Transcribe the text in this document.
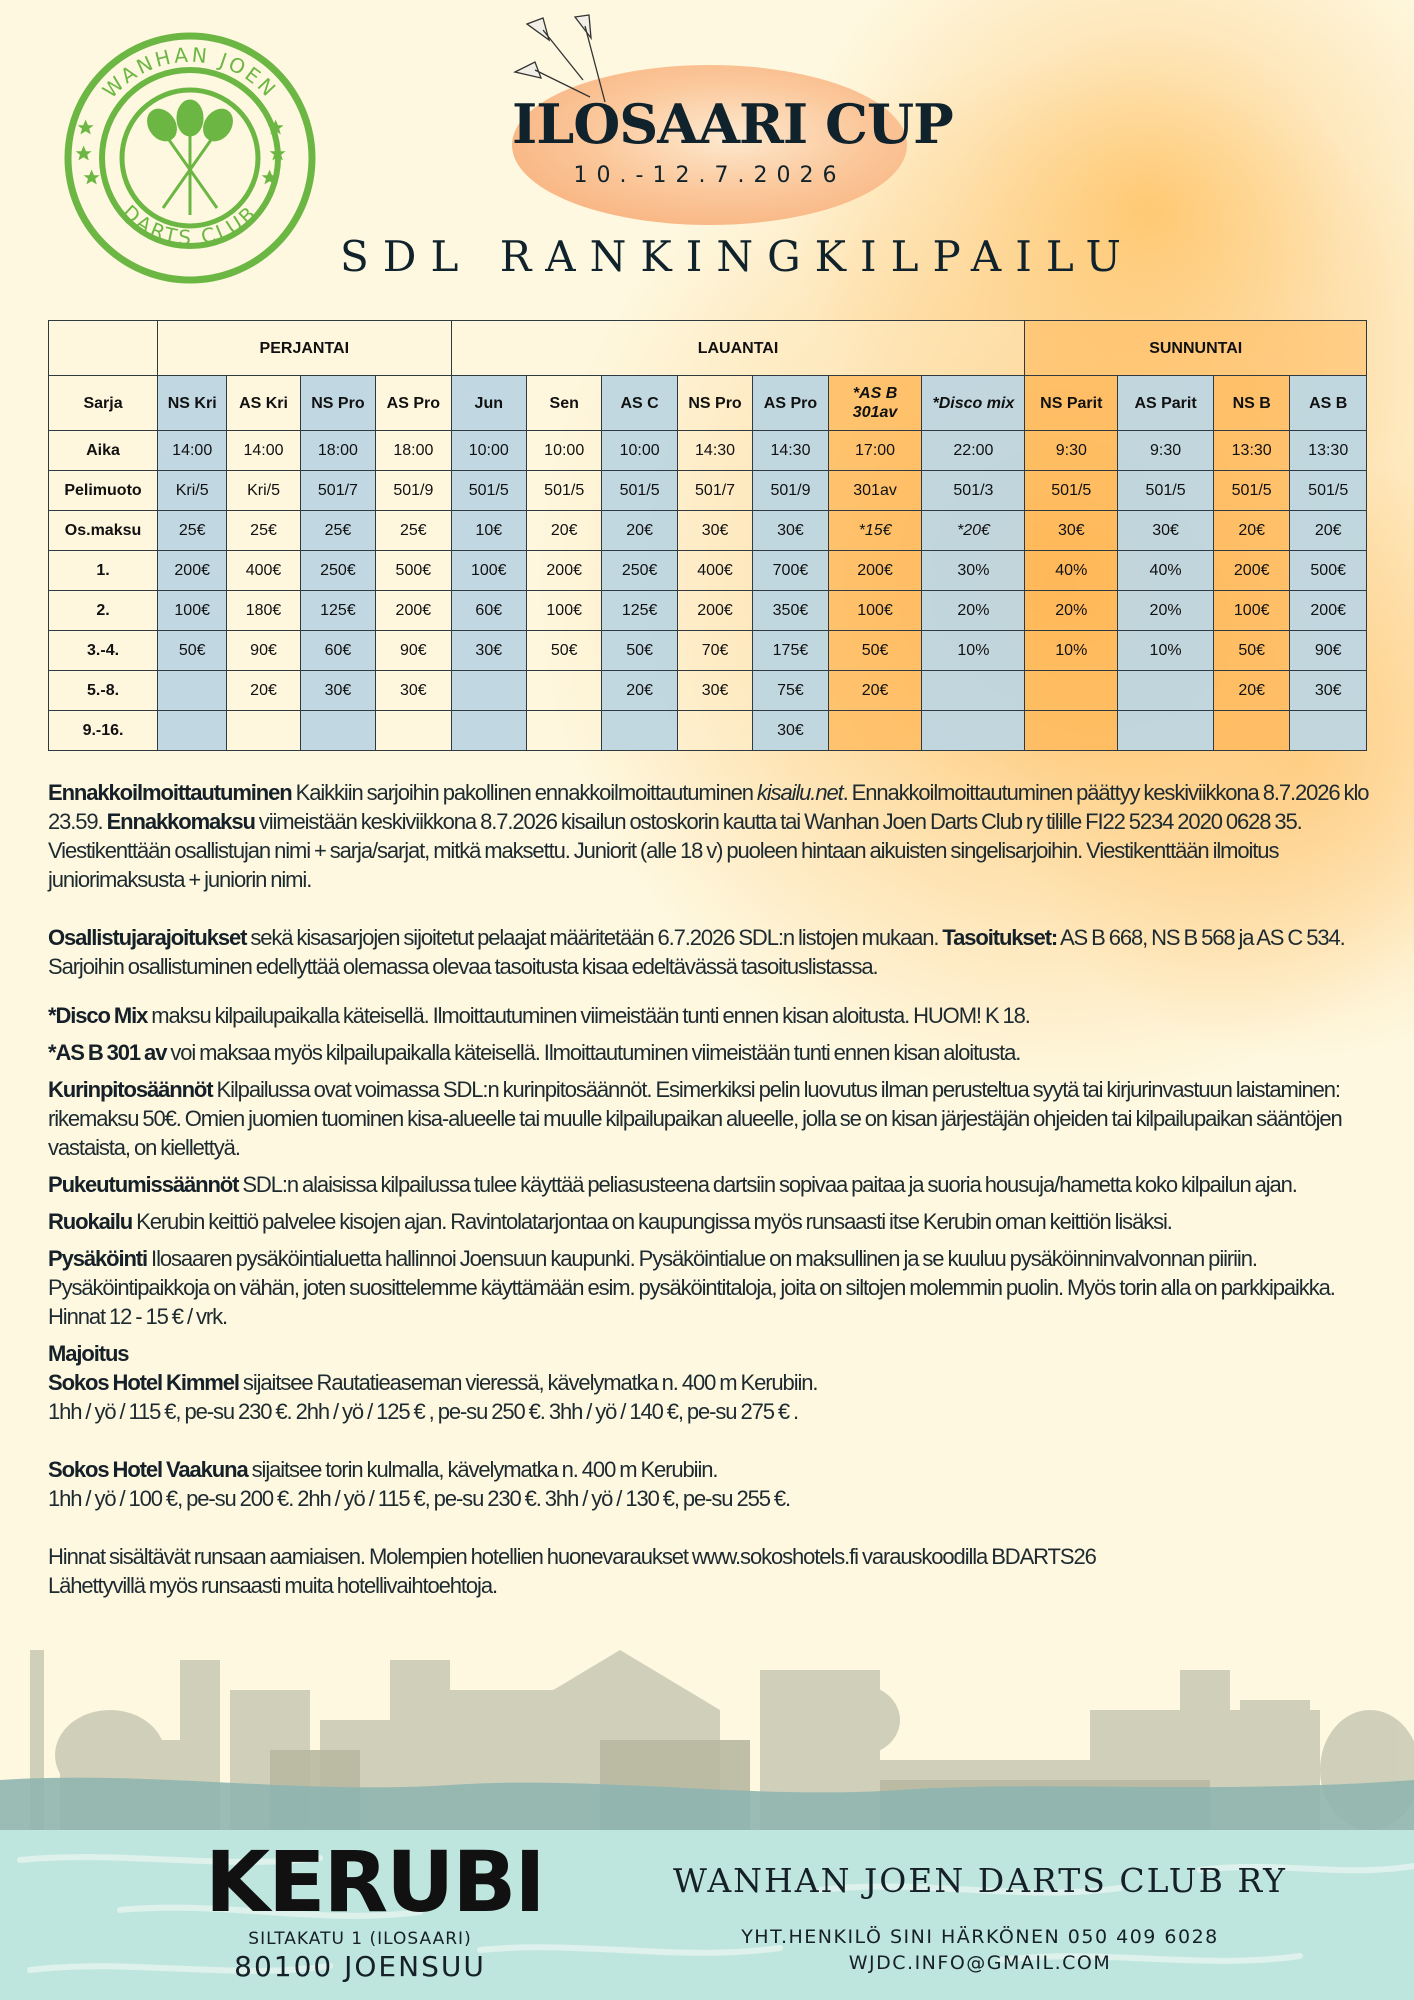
WANHAN JOEN
DARTS CLUB
ILOSAARI CUP
10.-12.7.2026
SDL RANKINGKILPAILU
	PERJANTAI				LAUANTAI							SUNNUNTAI			
Sarja	NS Kri	AS Kri	NS Pro	AS Pro	Jun	Sen	AS C	NS Pro	AS Pro	*AS B 301av	*Disco mix	NS Parit	AS Parit	NS B	AS B
Aika	14:00	14:00	18:00	18:00	10:00	10:00	10:00	14:30	14:30	17:00	22:00	9:30	9:30	13:30	13:30
Pelimuoto	Kri/5	Kri/5	501/7	501/9	501/5	501/5	501/5	501/7	501/9	301av	501/3	501/5	501/5	501/5	501/5
Os.maksu	25€	25€	25€	25€	10€	20€	20€	30€	30€	*15€	*20€	30€	30€	20€	20€
1.	200€	400€	250€	500€	100€	200€	250€	400€	700€	200€	30%	40%	40%	200€	500€
2.	100€	180€	125€	200€	60€	100€	125€	200€	350€	100€	20%	20%	20%	100€	200€
3.-4.	50€	90€	60€	90€	30€	50€	50€	70€	175€	50€	10%	10%	10%	50€	90€
5.-8.		20€	30€	30€			20€	30€	75€	20€				20€	30€
9.-16.									30€						

Ennakkoilmoittautuminen Kaikkiin sarjoihin pakollinen ennakkoilmoittautuminen kisailu.net. Ennakkoilmoittautuminen päättyy keskiviikkona 8.7.2026 klo 23.59. Ennakkomaksu viimeistään keskiviikkona 8.7.2026 kisailun ostoskorin kautta tai Wanhan Joen Darts Club ry tilille FI22 5234 2020 0628 35. Viestikenttään osallistujan nimi + sarja/sarjat, mitkä maksettu. Juniorit (alle 18 v) puoleen hintaan aikuisten singelisarjoihin. Viestikenttään ilmoitus juniorimaksusta + juniorin nimi.

Osallistujarajoitukset sekä kisasarjojen sijoitetut pelaajat määritetään 6.7.2026 SDL:n listojen mukaan. Tasoitukset: AS B 668, NS B 568 ja AS C 534. Sarjoihin osallistuminen edellyttää olemassa olevaa tasoitusta kisaa edeltävässä tasoituslistassa.

*Disco Mix maksu kilpailupaikalla käteisellä. Ilmoittautuminen viimeistään tunti ennen kisan aloitusta. HUOM! K 18.

*AS B 301 av voi maksaa myös kilpailupaikalla käteisellä. Ilmoittautuminen viimeistään tunti ennen kisan aloitusta.

Kurinpitosäännöt Kilpailussa ovat voimassa SDL:n kurinpitosäännöt. Esimerkiksi pelin luovutus ilman perusteltua syytä tai kirjurinvastuun laistaminen: rikemaksu 50€. Omien juomien tuominen kisa-alueelle tai muulle kilpailupaikan alueelle, jolla se on kisan järjestäjän ohjeiden tai kilpailupaikan sääntöjen vastaista, on kiellettyä.

Pukeutumissäännöt SDL:n alaisissa kilpailussa tulee käyttää peliasusteena dartsiin sopivaa paitaa ja suoria housuja/hametta koko kilpailun ajan.

Ruokailu Kerubin keittiö palvelee kisojen ajan. Ravintolatarjontaa on kaupungissa myös runsaasti itse Kerubin oman keittiön lisäksi.

Pysäköinti Ilosaaren pysäköintialuetta hallinnoi Joensuun kaupunki. Pysäköintialue on maksullinen ja se kuuluu pysäköinninvalvonnan piiriin. Pysäköintipaikkoja on vähän, joten suosittelemme käyttämään esim. pysäköintitaloja, joita on siltojen molemmin puolin. Myös torin alla on parkkipaikka. Hinnat 12 - 15 € / vrk.

Majoitus

Sokos Hotel Kimmel sijaitsee Rautatieaseman vieressä, kävelymatka n. 400 m Kerubiin.
1hh / yö / 115 €, pe-su 230 €. 2hh / yö / 125 € , pe-su 250 €. 3hh / yö / 140 €, pe-su 275 € .

Sokos Hotel Vaakuna sijaitsee torin kulmalla, kävelymatka n. 400 m Kerubiin.
1hh / yö / 100 €, pe-su 200 €. 2hh / yö / 115 €, pe-su 230 €. 3hh / yö / 130 €, pe-su 255 €.

Hinnat sisältävät runsaan aamiaisen. Molempien hotellien huonevaraukset www.sokoshotels.fi varauskoodilla BDARTS26
Lähettyvillä myös runsaasti muita hotellivaihtoehtoja.

KERUBI
SILTAKATU 1 (ILOSAARI)
80100 JOENSUU
WANHAN JOEN DARTS CLUB RY
YHT.HENKILÖ SINI HÄRKÖNEN 050 409 6028
WJDC.INFO@GMAIL.COM
